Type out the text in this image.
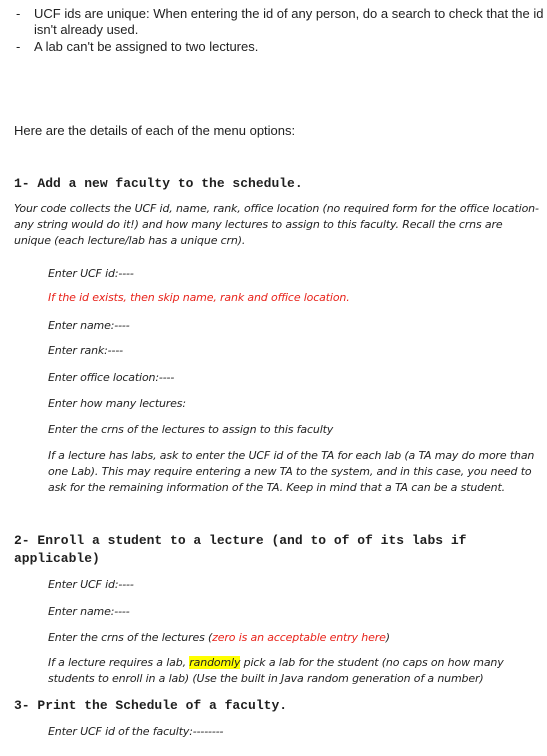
- UCF ids are unique: When entering the id of any person, do a search to check that the id isn't already used.
- A lab can't be assigned to two lectures.
Here are the details of each of the menu options:
1- Add a new faculty to the schedule.
Your code collects the UCF id, name, rank, office location (no required form for the office location-any string would do it!) and how many lectures to assign to this faculty. Recall the crns are unique (each lecture/lab has a unique crn).
Enter UCF id:----
If the id exists, then skip name, rank and office location.
Enter name:----
Enter rank:----
Enter office location:----
Enter how many lectures:
Enter the crns of the lectures to assign to this faculty
If a lecture has labs, ask to enter the UCF id of the TA for each lab (a TA may do more than one Lab). This may require entering a new TA to the system, and in this case, you need to ask for the remaining information of the TA. Keep in mind that a TA can be a student.
2- Enroll a student to a lecture (and to of of its labs if applicable)
Enter UCF id:----
Enter name:----
Enter the crns of the lectures (zero is an acceptable entry here)
If a lecture requires a lab, randomly pick a lab for the student (no caps on how many students to enroll in a lab) (Use the built in Java random generation of a number)
3- Print the Schedule of a faculty.
Enter UCF id of the faculty:--------
